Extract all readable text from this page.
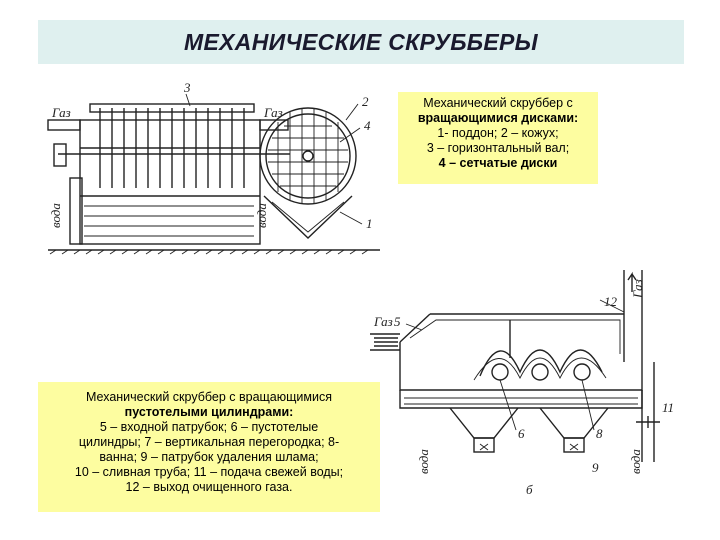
МЕХАНИЧЕСКИЕ СКРУББЕРЫ
Газ	Газ
вода	вода
3
2
4
1
Газ
Газ
вода	вода
б
5
12
6	8
9
11
Механический скруббер с
вращающимися дисками:
1- поддон; 2 – кожух;
3 – горизонтальный вал;
4 – сетчатые диски
Механический скруббер с вращающимися
пустотелыми цилиндрами:
5 – входной патрубок; 6 – пустотелые
цилиндры; 7 – вертикальная перегородка; 8-
ванна; 9 – патрубок удаления шлама;
10 – сливная труба; 11 – подача свежей воды;
12 – выход очищенного газа.
